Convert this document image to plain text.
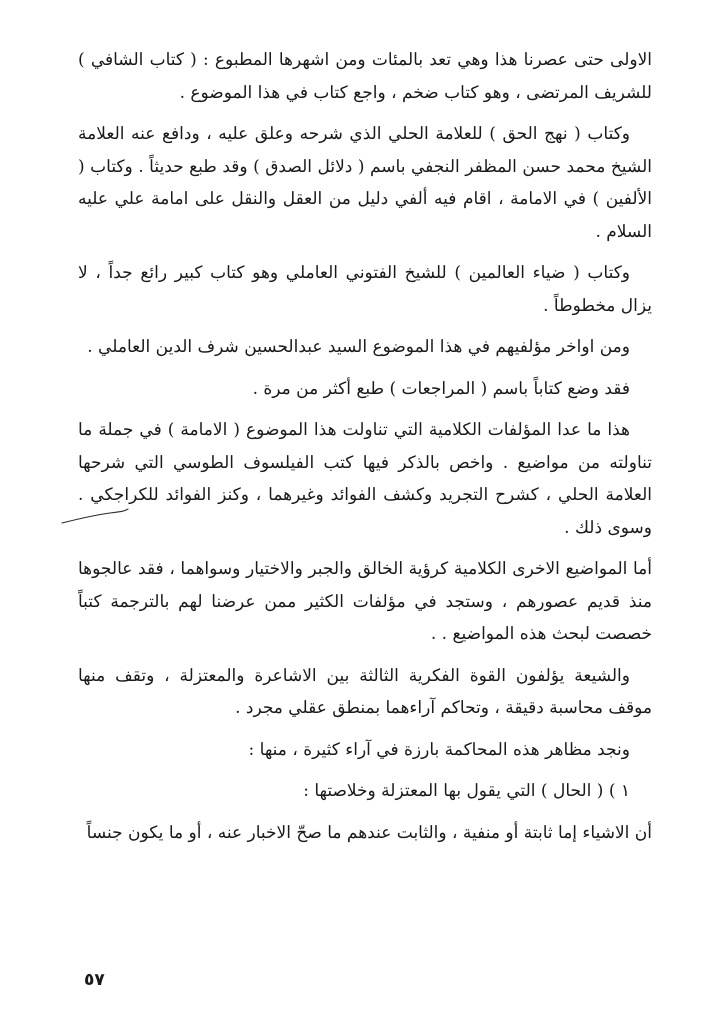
الاولى حتى عصرنا هذا وهي تعد بالمئات ومن اشهرها المطبوع : ( كتاب الشافي ) للشريف المرتضى ، وهو كتاب ضخم ، واجع كتاب في هذا الموضوع .

وكتاب ( نهج الحق ) للعلامة الحلي الذي شرحه وعلق عليه ، ودافع عنه العلامة الشيخ محمد حسن المظفر النجفي باسم ( دلائل الصدق ) وقد طبع حديثاً . وكتاب ( الألفين ) في الامامة ، اقام فيه ألفي دليل من العقل والنقل على امامة علي عليه السلام .

وكتاب ( ضياء العالمين ) للشيخ الفتوني العاملي وهو كتاب كبير رائع جداً ، لا يزال مخطوطاً .

ومن اواخر مؤلفيهم في هذا الموضوع السيد عبدالحسين شرف الدين العاملي .

فقد وضع كتاباً باسم ( المراجعات ) طبع أكثر من مرة .

هذا ما عدا المؤلفات الكلامية التي تناولت هذا الموضوع ( الامامة ) في جملة ما تناولته من مواضيع . واخص بالذكر فيها كتب الفيلسوف الطوسي التي شرحها العلامة الحلي ، كشرح التجريد وكشف الفوائد وغيرهما ، وكنز الفوائد للكراجكي . وسوى ذلك .

أما المواضيع الاخرى الكلامية كرؤية الخالق والجبر والاختيار وسواهما ، فقد عالجوها منذ قديم عصورهم ، وستجد في مؤلفات الكثير ممن عرضنا لهم بالترجمة كتباً خصصت لبحث هذه المواضيع . .

والشيعة يؤلفون القوة الفكرية الثالثة بين الاشاعرة والمعتزلة ، وتقف منها موقف محاسبة دقيقة ، وتحاكم آراءهما بمنطق عقلي مجرد .

ونجد مظاهر هذه المحاكمة بارزة في آراء كثيرة ، منها :

١ ) ( الحال ) التي يقول بها المعتزلة وخلاصتها :

أن الاشياء إما ثابتة أو منفية ، والثابت عندهم ما صحّ الاخبار عنه ، أو ما يكون جنساً

٥٧
